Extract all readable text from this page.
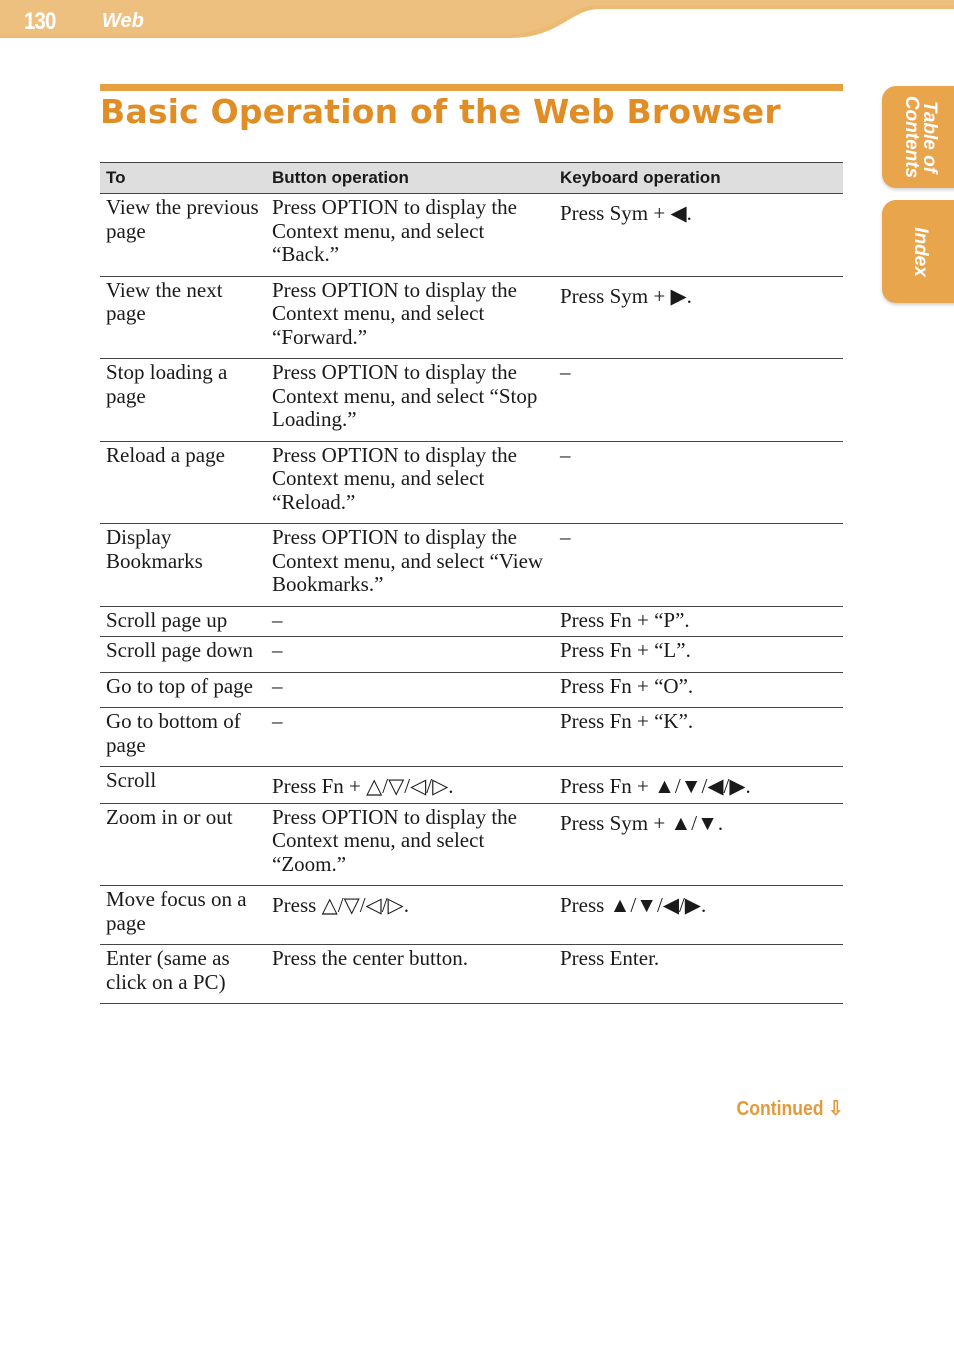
130 Web
Table of Contents
Index
Basic Operation of the Web Browser
To	Button operation	Keyboard operation
View the previous page	Press OPTION to display the Context menu, and select “Back.”	Press Sym + ◀.
View the next page	Press OPTION to display the Context menu, and select “Forward.”	Press Sym + ▶.
Stop loading a page	Press OPTION to display the Context menu, and select “Stop Loading.”	–
Reload a page	Press OPTION to display the Context menu, and select “Reload.”	–
Display Bookmarks	Press OPTION to display the Context menu, and select “View Bookmarks.”	–
Scroll page up	–	Press Fn + “P”.
Scroll page down	–	Press Fn + “L”.
Go to top of page	–	Press Fn + “O”.
Go to bottom of page	–	Press Fn + “K”.
Scroll	Press Fn + △/▽/◁/▷.	Press Fn + ▲/▼/◀/▶.
Zoom in or out	Press OPTION to display the Context menu, and select “Zoom.”	Press Sym + ▲/▼.
Move focus on a page	Press △/▽/◁/▷.	Press ▲/▼/◀/▶.
Enter (same as click on a PC)	Press the center button.	Press Enter.
Continued ⇩
